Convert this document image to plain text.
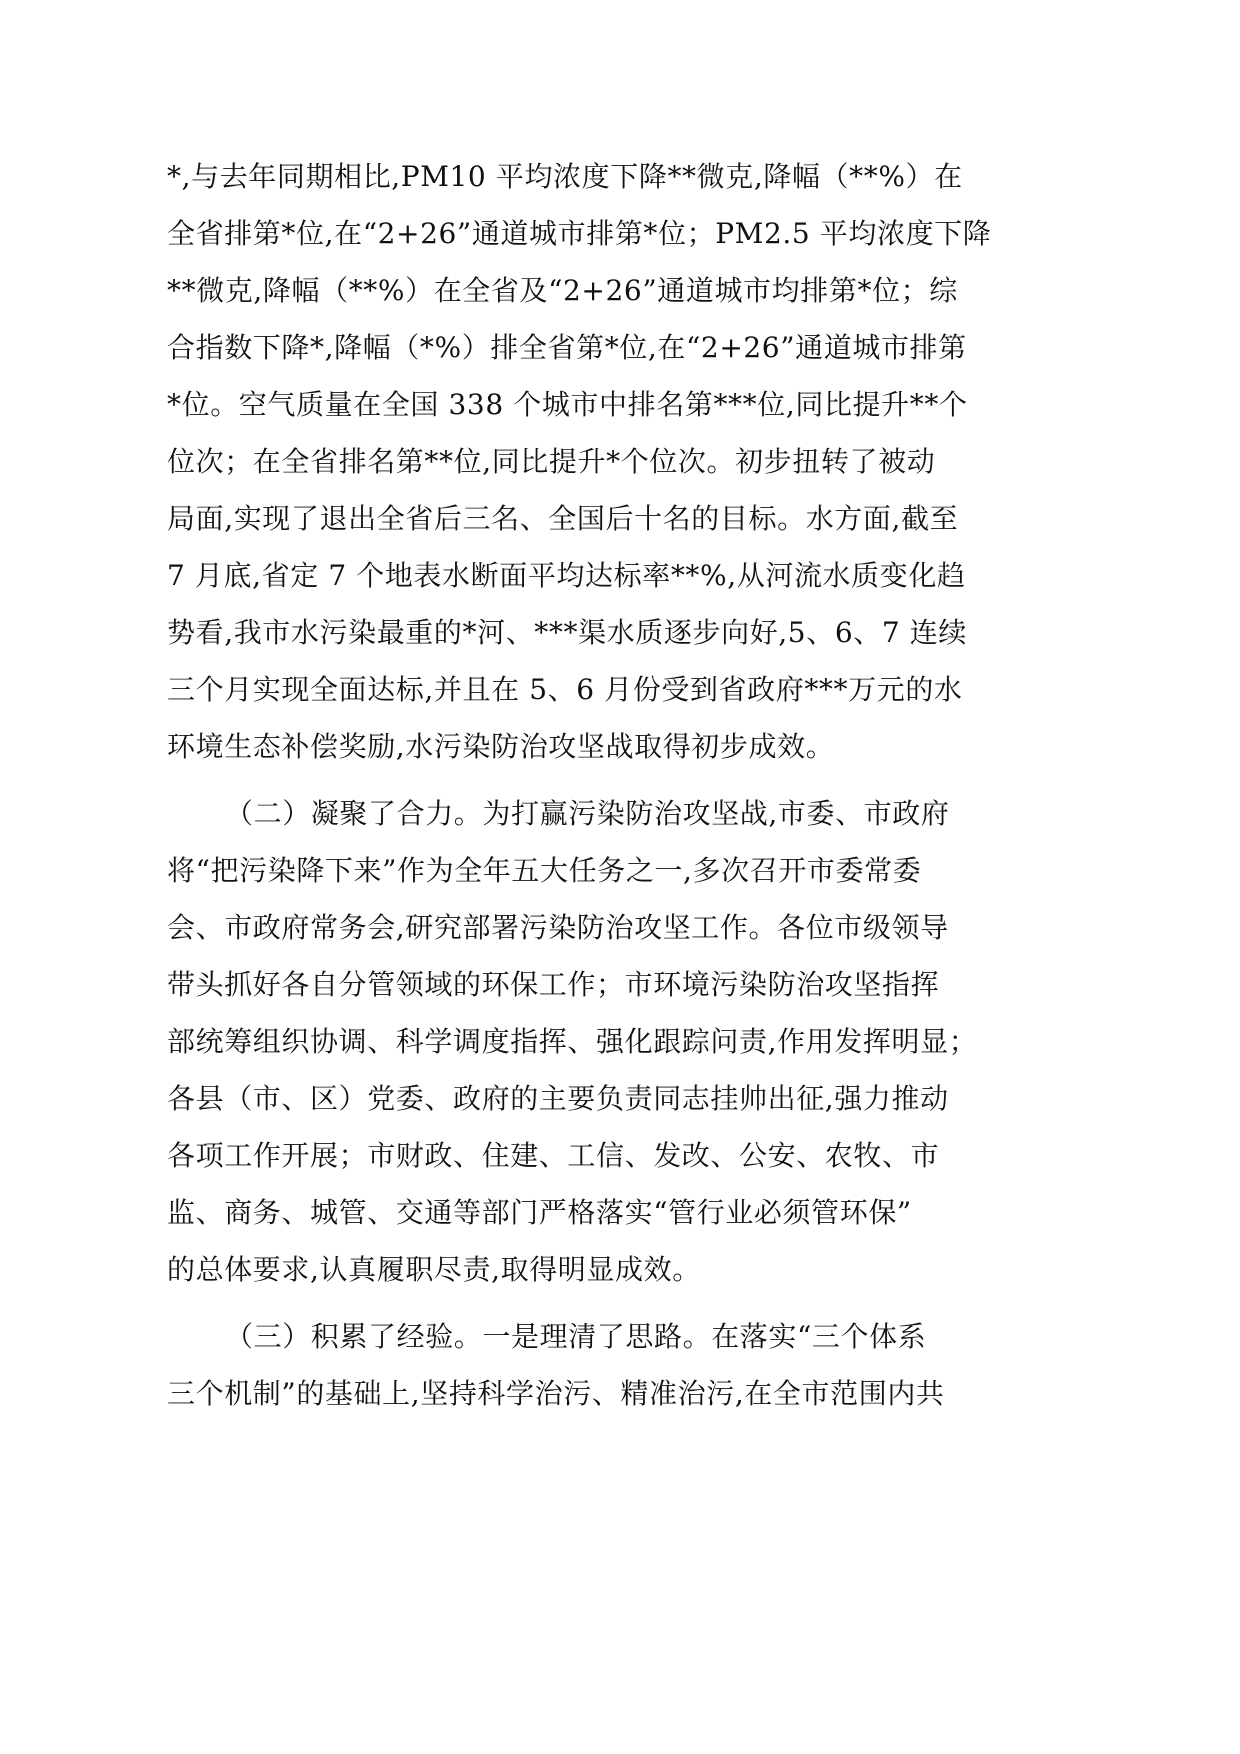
*,与去年同期相比,PM10 平均浓度下降**微克,降幅（**%）在
全省排第*位,在“2+26”通道城市排第*位；PM2.5 平均浓度下降
**微克,降幅（**%）在全省及“2+26”通道城市均排第*位；综
合指数下降*,降幅（*%）排全省第*位,在“2+26”通道城市排第
*位。空气质量在全国 338 个城市中排名第***位,同比提升**个
位次；在全省排名第**位,同比提升*个位次。初步扭转了被动
局面,实现了退出全省后三名、全国后十名的目标。水方面,截至
7 月底,省定 7 个地表水断面平均达标率**%,从河流水质变化趋
势看,我市水污染最重的*河、***渠水质逐步向好,5、6、7 连续
三个月实现全面达标,并且在 5、6 月份受到省政府***万元的水
环境生态补偿奖励,水污染防治攻坚战取得初步成效。
（二）凝聚了合力。为打赢污染防治攻坚战,市委、市政府
将“把污染降下来”作为全年五大任务之一,多次召开市委常委
会、市政府常务会,研究部署污染防治攻坚工作。各位市级领导
带头抓好各自分管领域的环保工作；市环境污染防治攻坚指挥
部统筹组织协调、科学调度指挥、强化跟踪问责,作用发挥明显；
各县（市、区）党委、政府的主要负责同志挂帅出征,强力推动
各项工作开展；市财政、住建、工信、发改、公安、农牧、市
监、商务、城管、交通等部门严格落实“管行业必须管环保”
的总体要求,认真履职尽责,取得明显成效。
（三）积累了经验。一是理清了思路。在落实“三个体系
三个机制”的基础上,坚持科学治污、精准治污,在全市范围内共
